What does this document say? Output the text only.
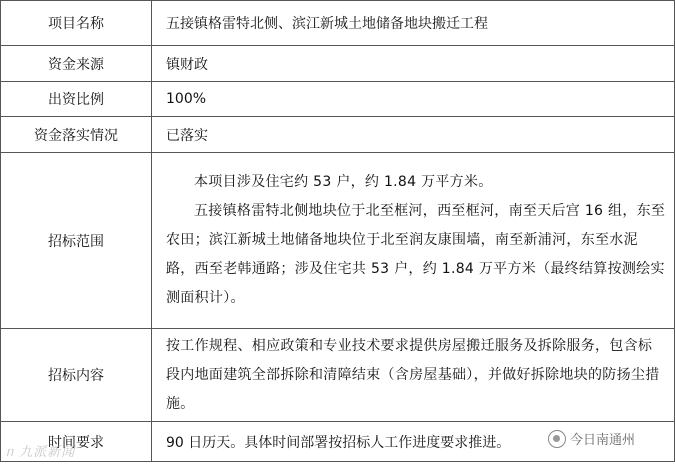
项目名称	五接镇格雷特北侧、滨江新城土地储备地块搬迁工程
资金来源	镇财政
出资比例	100%
资金落实情况	已落实
招标范围	本项目涉及住宅约 53 户，约 1.84 万平方米。
五接镇格雷特北侧地块位于北至框河，西至框河，南至天后宫 16 组，东至农田；滨江新城土地储备地块位于北至润友康围墙，南至新浦河，东至水泥路，西至老韩通路；涉及住宅共 53 户，约 1.84 万平方米（最终结算按测绘实测面积计）。

招标内容	按工作规程、相应政策和专业技术要求提供房屋搬迁服务及拆除服务，包含标段内地面建筑全部拆除和清障结束（含房屋基础），并做好拆除地块的防扬尘措施。

时间要求	90 日历天。具体时间部署按招标人工作进度要求推进。
ᥒ 九派新闻
今日南通州
